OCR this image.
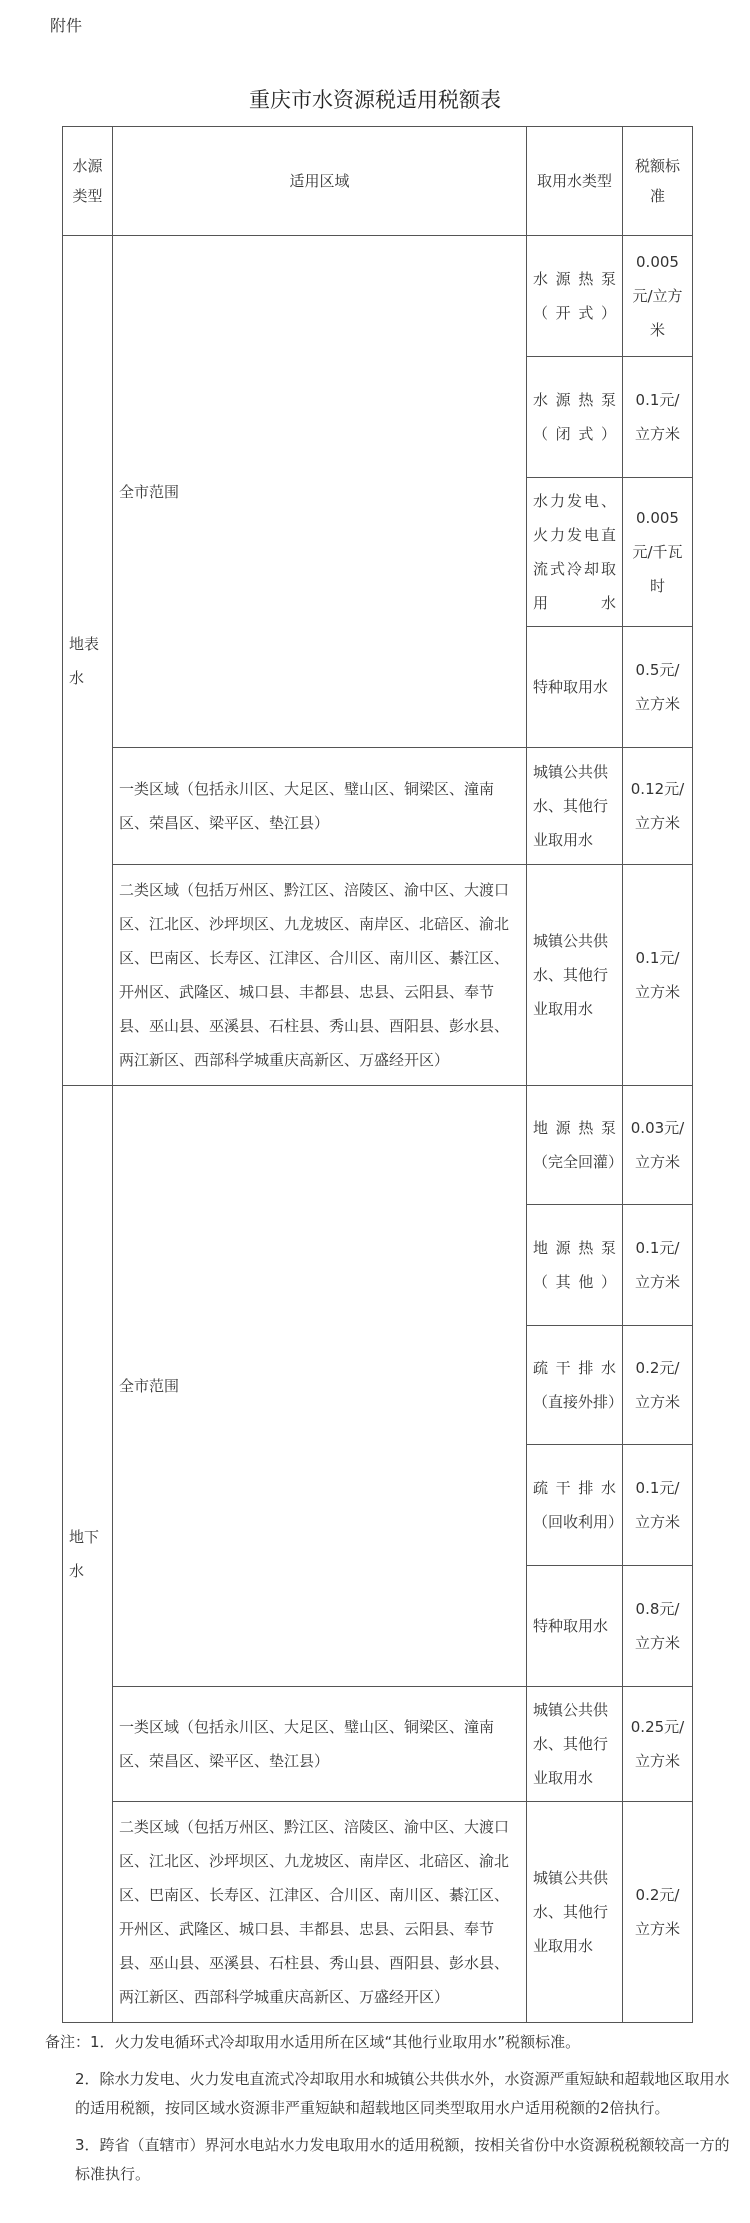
附件
重庆市水资源税适用税额表
水源类型	适用区域	取用水类型	税额标准
地表水	全市范围	水源热泵（开式）	0.005元/立方米
		水源热泵（闭式）	0.1元/立方米
		水力发电、火力发电直流式冷却取用水	0.005元/千瓦时
		特种取用水	0.5元/立方米
	一类区域（包括永川区、大足区、璧山区、铜梁区、潼南区、荣昌区、梁平区、垫江县）	城镇公共供水、其他行业取用水	0.12元/立方米
	二类区域（包括万州区、黔江区、涪陵区、渝中区、大渡口区、江北区、沙坪坝区、九龙坡区、南岸区、北碚区、渝北区、巴南区、长寿区、江津区、合川区、南川区、綦江区、开州区、武隆区、城口县、丰都县、忠县、云阳县、奉节县、巫山县、巫溪县、石柱县、秀山县、酉阳县、彭水县、两江新区、西部科学城重庆高新区、万盛经开区）	城镇公共供水、其他行业取用水	0.1元/立方米
地下水	全市范围	地源热泵（完全回灌）	0.03元/立方米
		地源热泵（其他）	0.1元/立方米
		疏干排水（直接外排）	0.2元/立方米
		疏干排水（回收利用）	0.1元/立方米
		特种取用水	0.8元/立方米
	一类区域（包括永川区、大足区、璧山区、铜梁区、潼南区、荣昌区、梁平区、垫江县）	城镇公共供水、其他行业取用水	0.25元/立方米
	二类区域（包括万州区、黔江区、涪陵区、渝中区、大渡口区、江北区、沙坪坝区、九龙坡区、南岸区、北碚区、渝北区、巴南区、长寿区、江津区、合川区、南川区、綦江区、开州区、武隆区、城口县、丰都县、忠县、云阳县、奉节县、巫山县、巫溪县、石柱县、秀山县、酉阳县、彭水县、两江新区、西部科学城重庆高新区、万盛经开区）	城镇公共供水、其他行业取用水	0.2元/立方米

备注：1．火力发电循环式冷却取用水适用所在区域“其他行业取用水”税额标准。

2．除水力发电、火力发电直流式冷却取用水和城镇公共供水外，水资源严重短缺和超载地区取用水的适用税额，按同区域水资源非严重短缺和超载地区同类型取用水户适用税额的2倍执行。

3．跨省（直辖市）界河水电站水力发电取用水的适用税额，按相关省份中水资源税税额较高一方的标准执行。
